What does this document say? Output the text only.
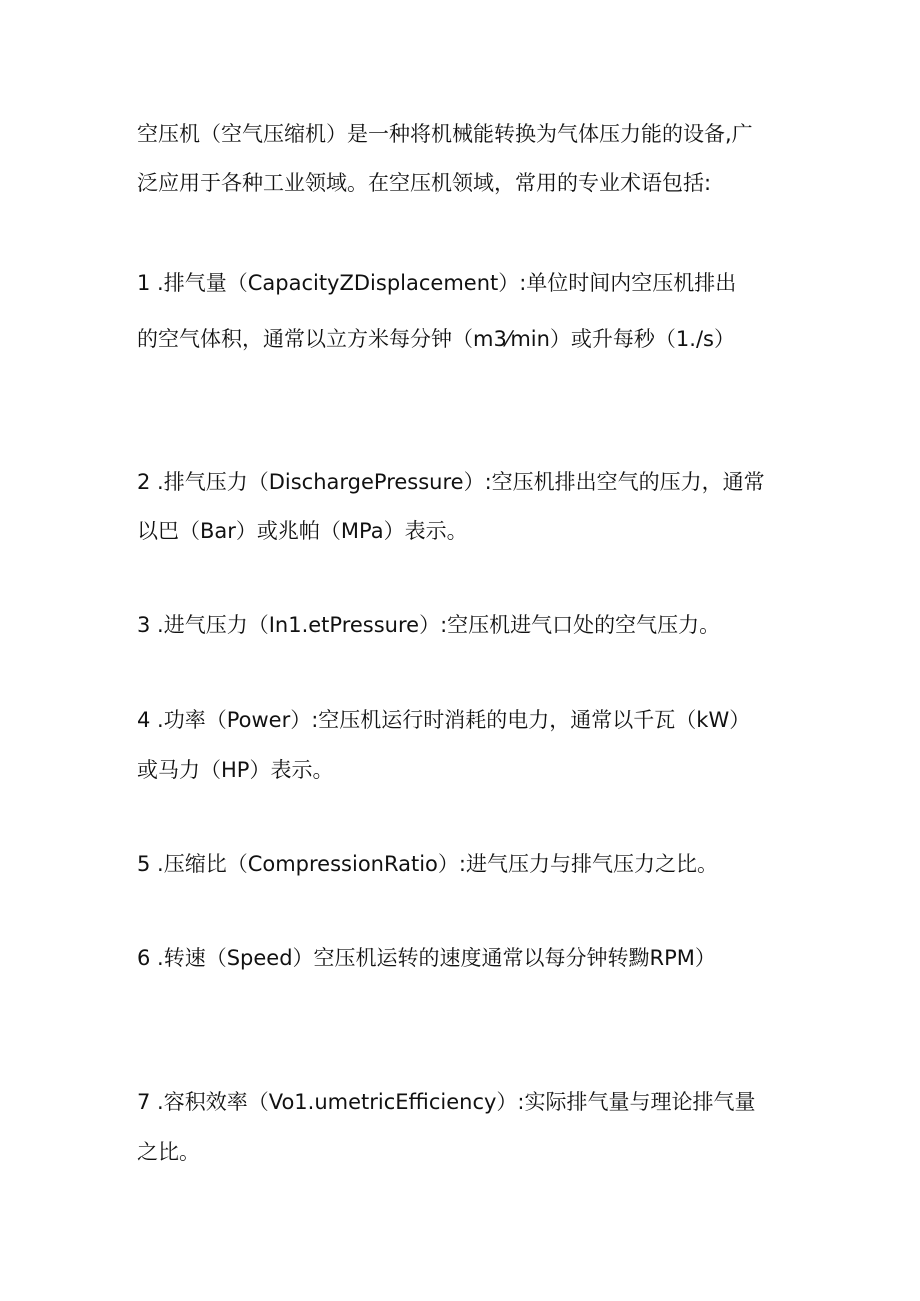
空压机（空气压缩机）是一种将机械能转换为气体压力能的设备,广
泛应用于各种工业领域。在空压机领域，常用的专业术语包括:
1 .排气量（CapacityZDisplacement）:单位时间内空压机排出
的空气体积，通常以立方米每分钟（m3⁄min）或升每秒（1./s）
2 .排气压力（DischargePressure）:空压机排出空气的压力，通常
以巴（Bar）或兆帕（MPa）表示。
3 .进气压力（In1.etPressure）:空压机进气口处的空气压力。
4 .功率（Power）:空压机运行时消耗的电力，通常以千瓦（kW）
或马力（HP）表示。
5 .压缩比（CompressionRatio）:进气压力与排气压力之比。
6 .转速（Speed）空压机运转的速度通常以每分钟转黝RPM）
7 .容积效率（Vo1.umetricEfficiency）:实际排气量与理论排气量
之比。
